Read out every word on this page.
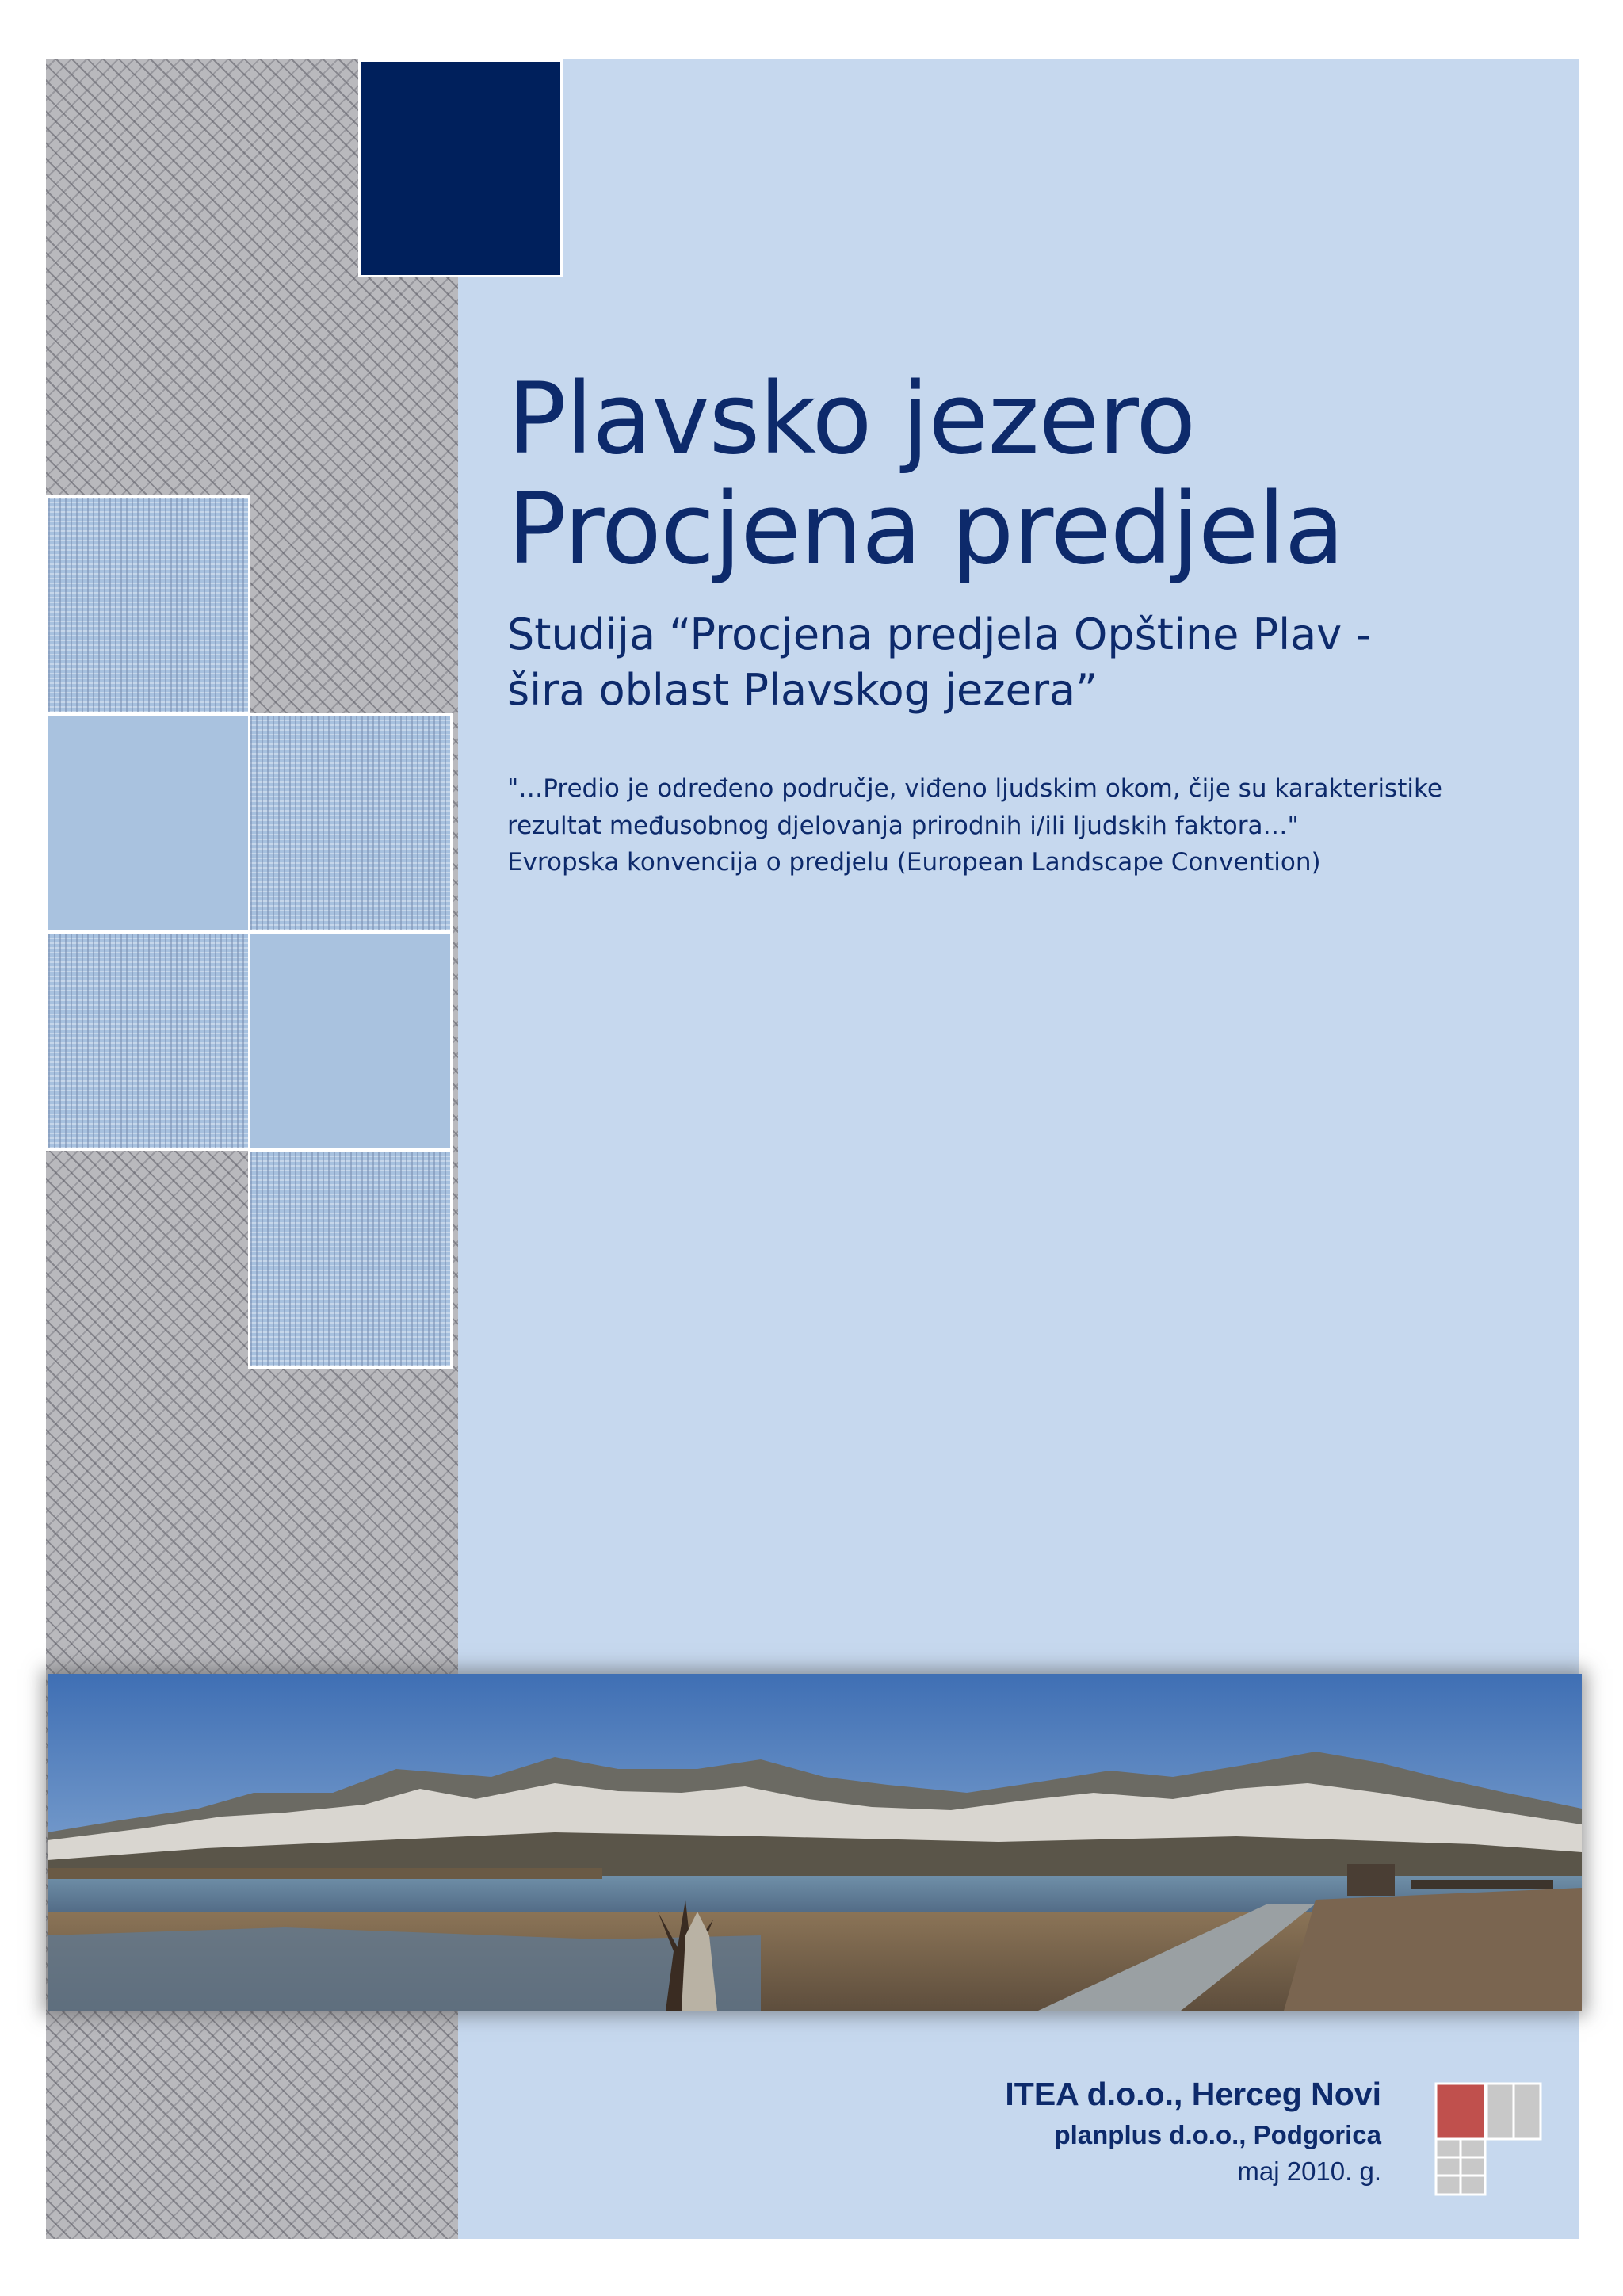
Plavsko jezero
Procjena predjela
Studija “Procjena predjela Opštine Plav -
šira oblast Plavskog jezera”
"…Predio je određeno područje, viđeno ljudskim okom, čije su karakteristike
rezultat međusobnog djelovanja prirodnih i/ili ljudskih faktora…"
Evropska konvencija o predjelu (European Landscape Convention)
ITEA d.o.o., Herceg Novi
planplus d.o.o., Podgorica
maj 2010. g.
